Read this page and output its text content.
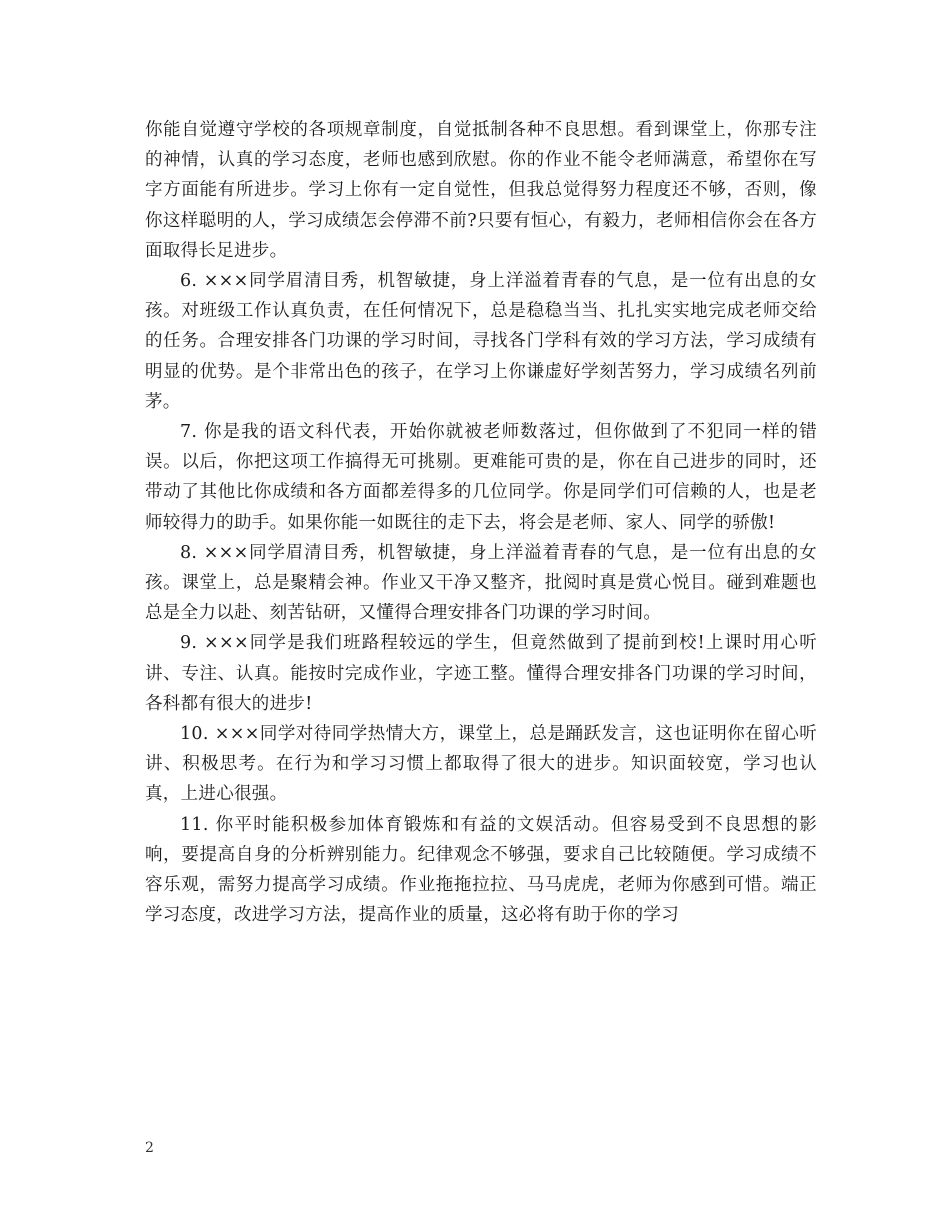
你能自觉遵守学校的各项规章制度，自觉抵制各种不良思想。看到课堂上，你那专注的神情，认真的学习态度，老师也感到欣慰。你的作业不能令老师满意，希望你在写字方面能有所进步。学习上你有一定自觉性，但我总觉得努力程度还不够，否则，像你这样聪明的人，学习成绩怎会停滞不前?只要有恒心，有毅力，老师相信你会在各方面取得长足进步。

6. ×××同学眉清目秀，机智敏捷，身上洋溢着青春的气息，是一位有出息的女孩。对班级工作认真负责，在任何情况下，总是稳稳当当、扎扎实实地完成老师交给的任务。合理安排各门功课的学习时间，寻找各门学科有效的学习方法，学习成绩有明显的优势。是个非常出色的孩子，在学习上你谦虚好学刻苦努力，学习成绩名列前茅。

7. 你是我的语文科代表，开始你就被老师数落过，但你做到了不犯同一样的错误。以后，你把这项工作搞得无可挑剔。更难能可贵的是，你在自己进步的同时，还带动了其他比你成绩和各方面都差得多的几位同学。你是同学们可信赖的人，也是老师较得力的助手。如果你能一如既往的走下去，将会是老师、家人、同学的骄傲!

8. ×××同学眉清目秀，机智敏捷，身上洋溢着青春的气息，是一位有出息的女孩。课堂上，总是聚精会神。作业又干净又整齐，批阅时真是赏心悦目。碰到难题也总是全力以赴、刻苦钻研，又懂得合理安排各门功课的学习时间。

9. ×××同学是我们班路程较远的学生，但竟然做到了提前到校!上课时用心听讲、专注、认真。能按时完成作业，字迹工整。懂得合理安排各门功课的学习时间，各科都有很大的进步!

10. ×××同学对待同学热情大方，课堂上，总是踊跃发言，这也证明你在留心听讲、积极思考。在行为和学习习惯上都取得了很大的进步。知识面较宽，学习也认真，上进心很强。

11. 你平时能积极参加体育锻炼和有益的文娱活动。但容易受到不良思想的影响，要提高自身的分析辨别能力。纪律观念不够强，要求自己比较随便。学习成绩不容乐观，需努力提高学习成绩。作业拖拖拉拉、马马虎虎，老师为你感到可惜。端正学习态度，改进学习方法，提高作业的质量，这必将有助于你的学习

2
